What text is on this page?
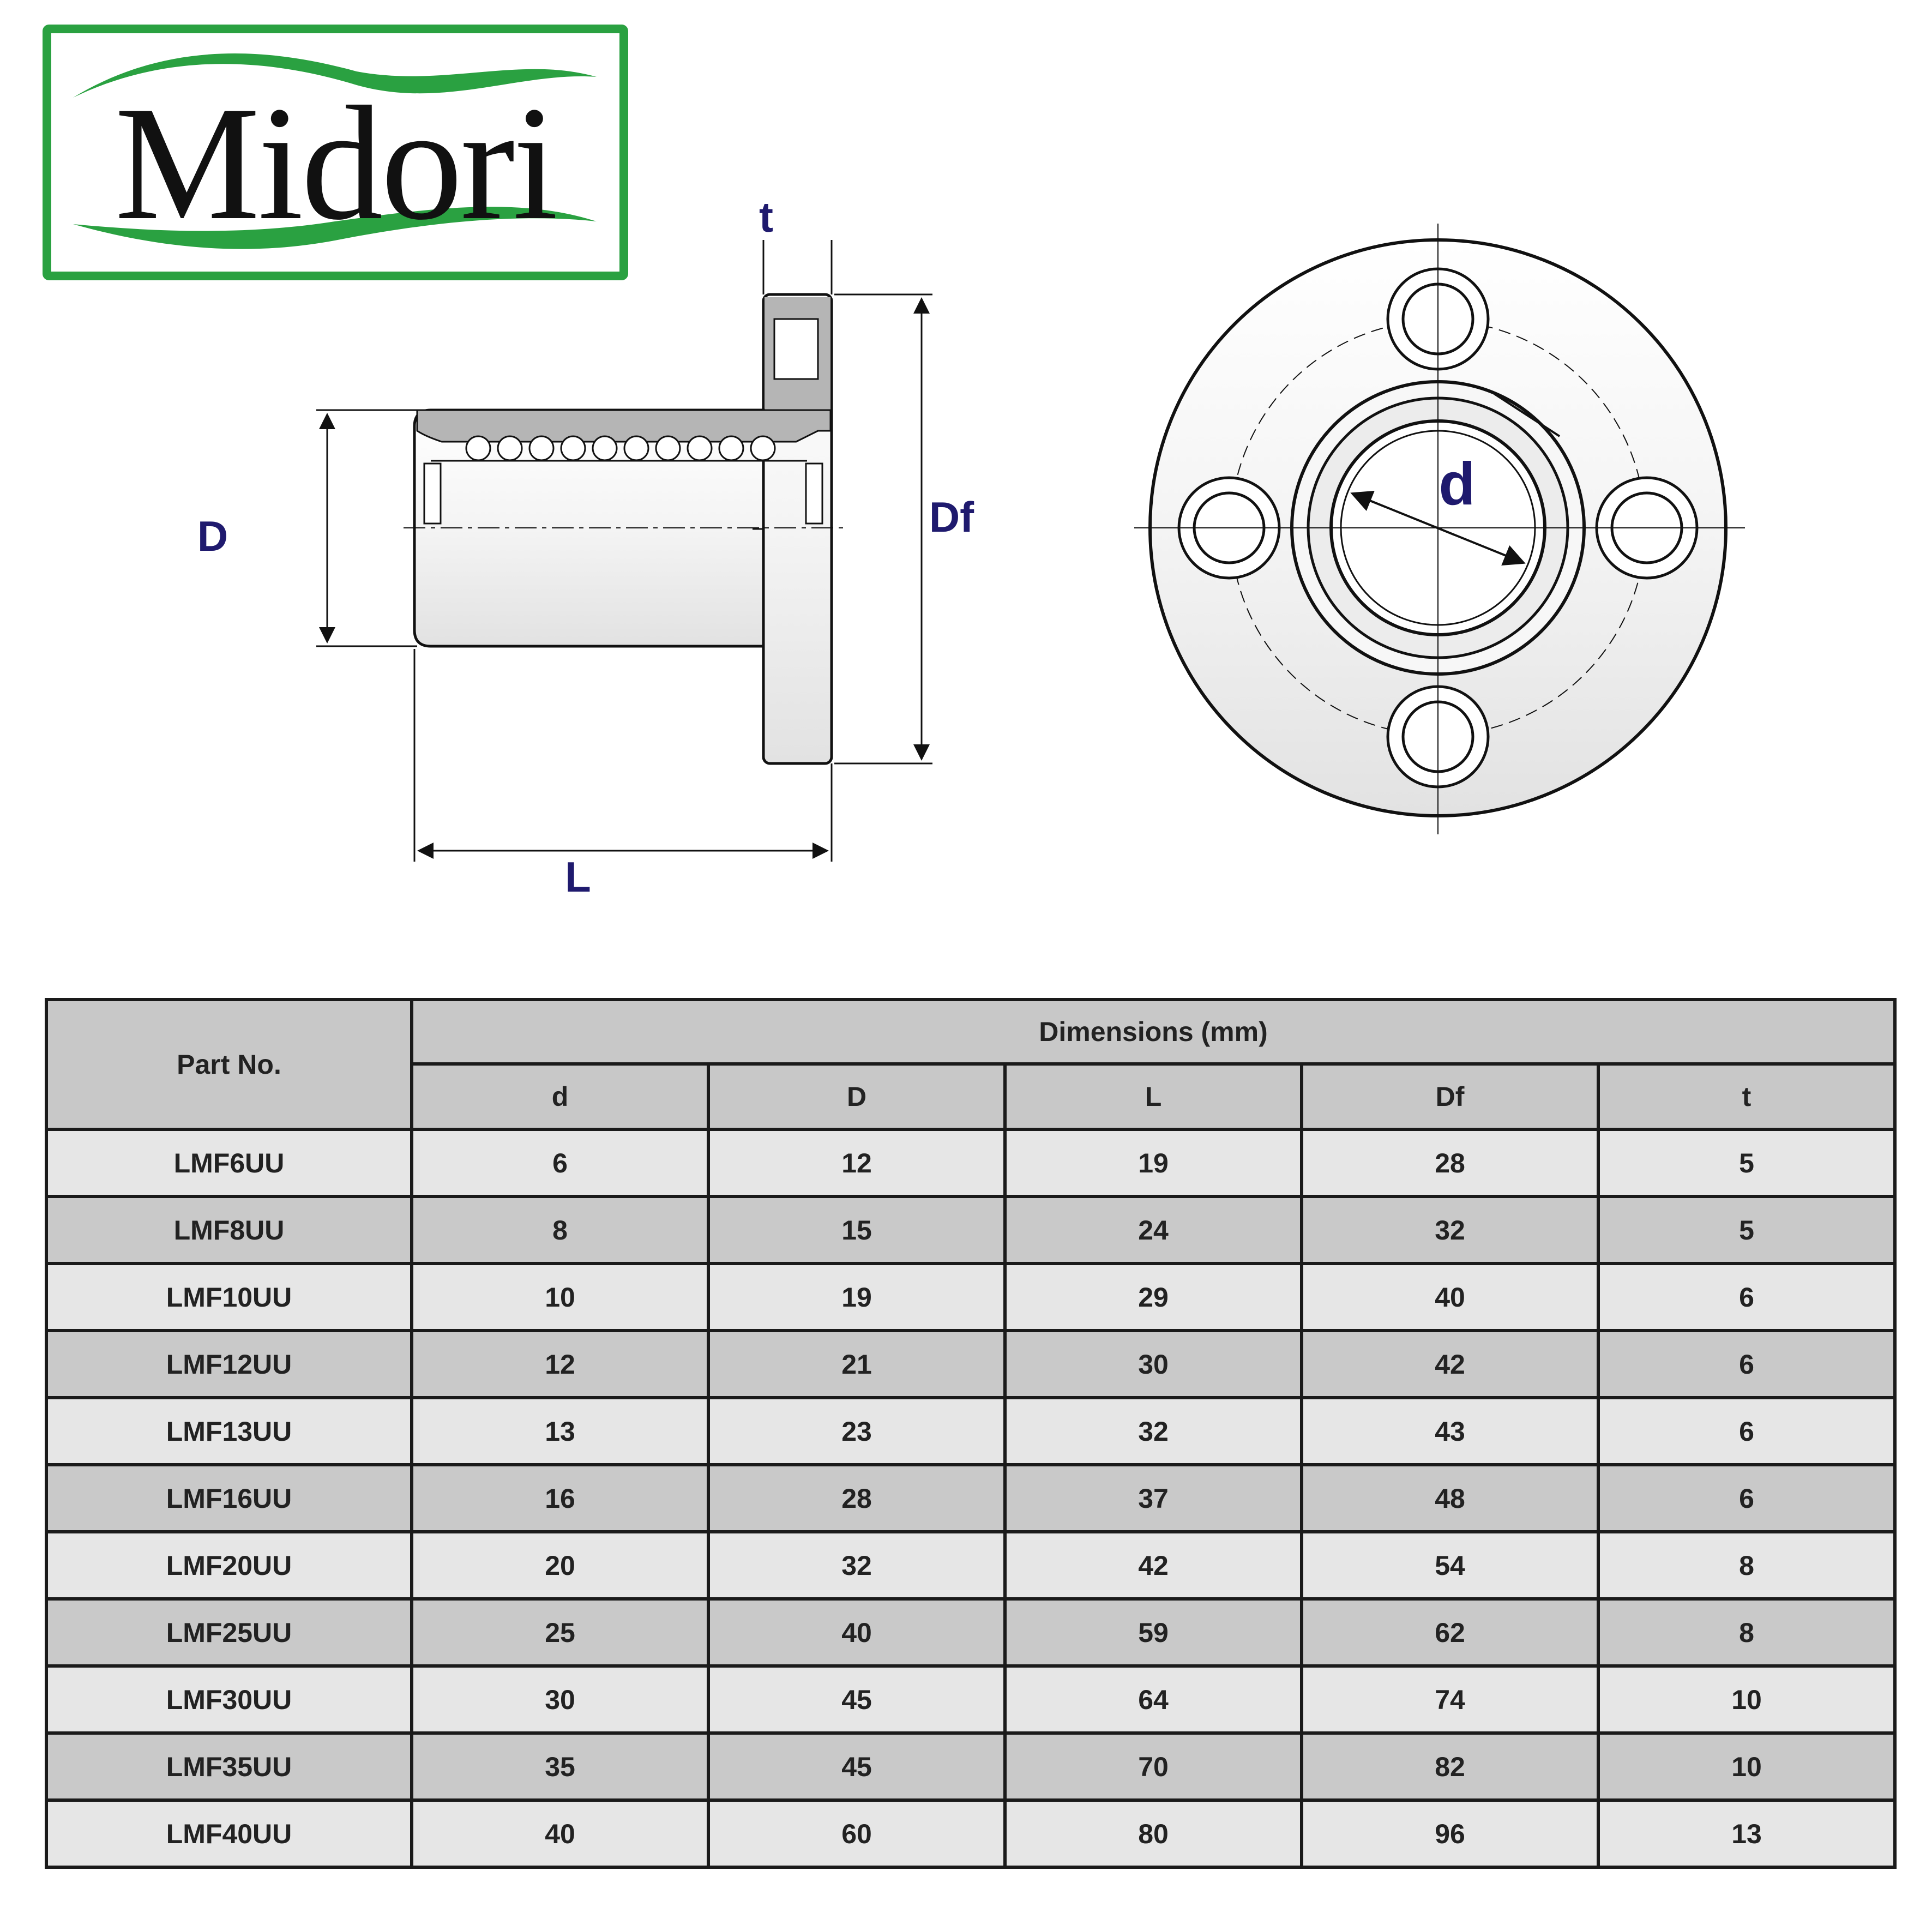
Midori	t
D	Df
L
d
Part No.	Dimensions (mm)				
	d	D	L	Df	t
LMF6UU	6	12	19	28	5
LMF8UU	8	15	24	32	5
LMF10UU	10	19	29	40	6
LMF12UU	12	21	30	42	6
LMF13UU	13	23	32	43	6
LMF16UU	16	28	37	48	6
LMF20UU	20	32	42	54	8
LMF25UU	25	40	59	62	8
LMF30UU	30	45	64	74	10
LMF35UU	35	45	70	82	10
LMF40UU	40	60	80	96	13
